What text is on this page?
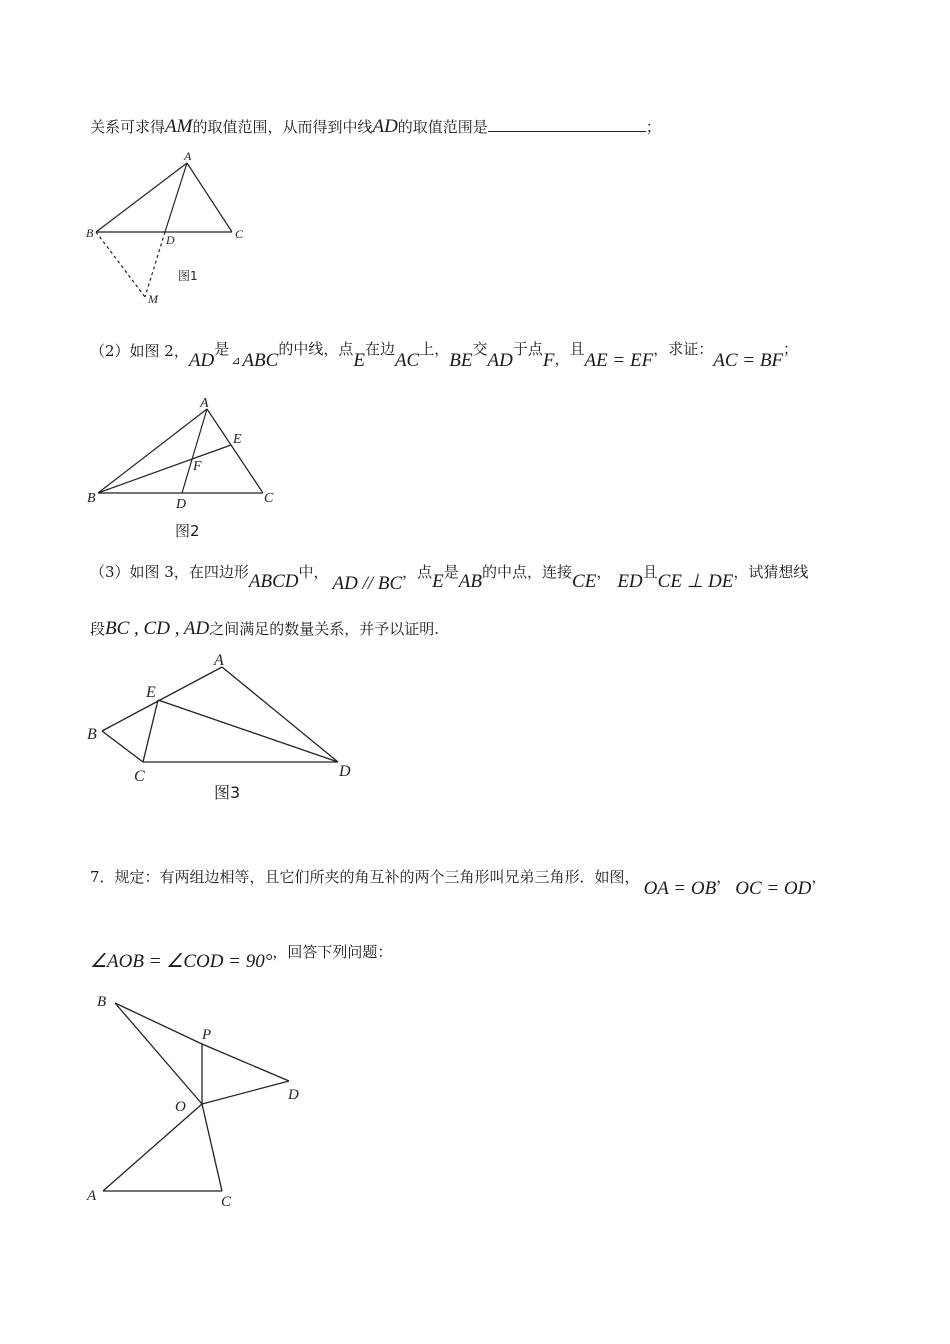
关系可求得AM的取值范围，从而得到中线AD的取值范围是	；
A
B	C
D
M
图1
（2）如图 2，AD是$_⊿$ ABC的中线，点E在边AC上，BE交AD于点F，且AE = EF，求证：AC = BF；
A
B	C
D
E
F
图2
（3）如图 3，在四边形ABCD中，AD // BC，点E是AB的中点，连接CE， ED且CE ⊥ DE，试猜想线
段BC , CD , AD之间满足的数量关系，并予以证明.
A
B
C	D
E
图3
7．规定：有两组边相等，且它们所夹的角互补的两个三角形叫兄弟三角形．如图，OA = OB，OC = OD，
∠AOB = ∠COD = 90°，回答下列问题：
A
B
C
D
O
P
